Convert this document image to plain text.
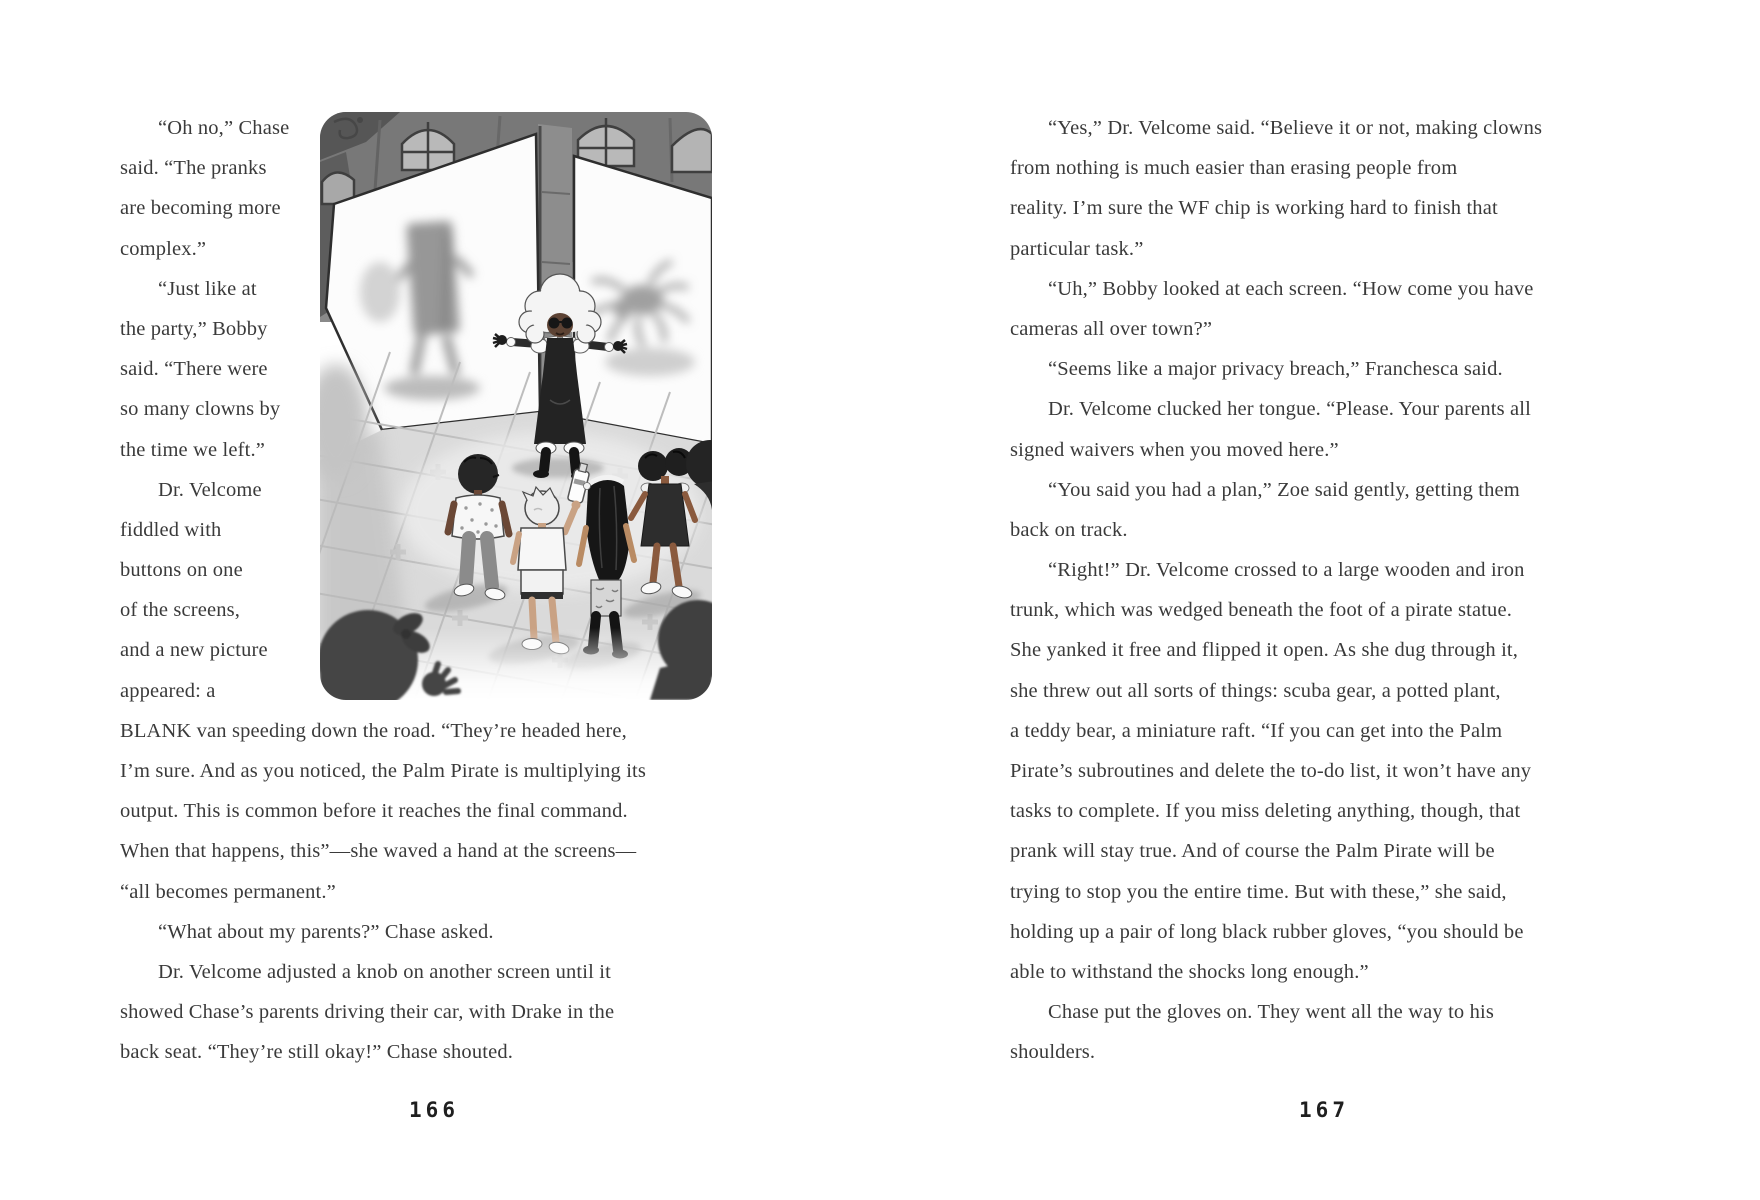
“Oh no,” Chase
said. “The pranks
are becoming more
complex.”
“Just like at
the party,” Bobby
said. “There were
so many clowns by
the time we left.”
Dr. Velcome
fiddled with
buttons on one
of the screens,
and a new picture
appeared: a
BLANK van speeding down the road. “They’re headed here,
I’m sure. And as you noticed, the Palm Pirate is multiplying its
output. This is common before it reaches the final command.
When that happens, this”—she waved a hand at the screens—
“all becomes permanent.”
“What about my parents?” Chase asked.
Dr. Velcome adjusted a knob on another screen until it
showed Chase’s parents driving their car, with Drake in the
back seat. “They’re still okay!” Chase shouted.
166
“Yes,” Dr. Velcome said. “Believe it or not, making clowns
from nothing is much easier than erasing people from
reality. I’m sure the WF chip is working hard to finish that
particular task.”
“Uh,” Bobby looked at each screen. “How come you have
cameras all over town?”
“Seems like a major privacy breach,” Franchesca said.
Dr. Velcome clucked her tongue. “Please. Your parents all
signed waivers when you moved here.”
“You said you had a plan,” Zoe said gently, getting them
back on track.
“Right!” Dr. Velcome crossed to a large wooden and iron
trunk, which was wedged beneath the foot of a pirate statue.
She yanked it free and flipped it open. As she dug through it,
she threw out all sorts of things: scuba gear, a potted plant,
a teddy bear, a miniature raft. “If you can get into the Palm
Pirate’s subroutines and delete the to-do list, it won’t have any
tasks to complete. If you miss deleting anything, though, that
prank will stay true. And of course the Palm Pirate will be
trying to stop you the entire time. But with these,” she said,
holding up a pair of long black rubber gloves, “you should be
able to withstand the shocks long enough.”
Chase put the gloves on. They went all the way to his
shoulders.
167
